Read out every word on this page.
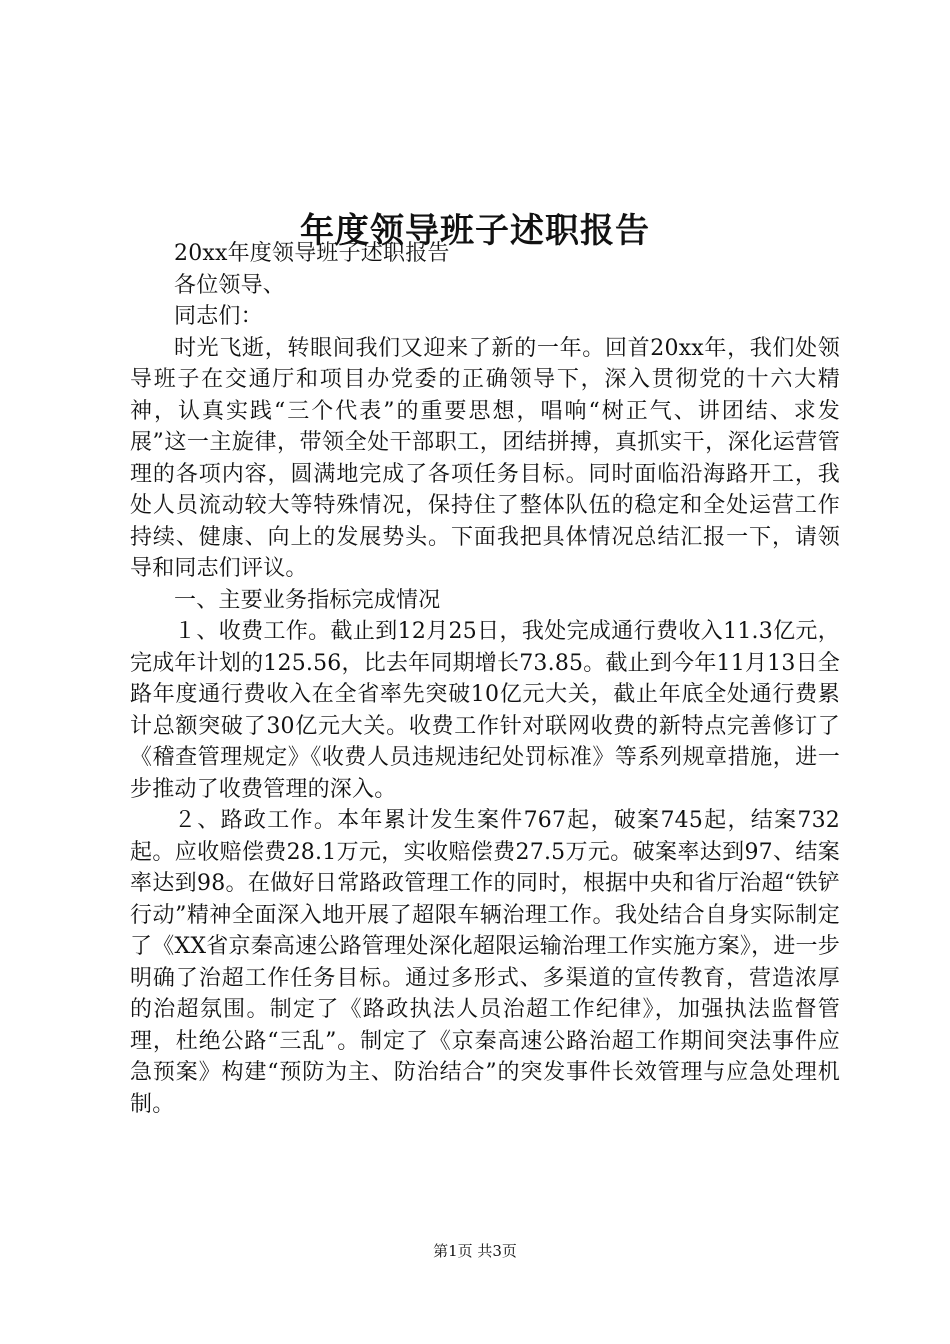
年度领导班子述职报告

20xx年度领导班子述职报告

各位领导、

同志们：

时光飞逝，转眼间我们又迎来了新的一年。回首20xx年，我们处领导班子在交通厅和项目办党委的正确领导下，深入贯彻党的十六大精神，认真实践“三个代表”的重要思想，唱响“树正气、讲团结、求发展”这一主旋律，带领全处干部职工，团结拼搏，真抓实干，深化运营管理的各项内容，圆满地完成了各项任务目标。同时面临沿海路开工，我处人员流动较大等特殊情况，保持住了整体队伍的稳定和全处运营工作持续、健康、向上的发展势头。下面我把具体情况总结汇报一下，请领导和同志们评议。

一、主要业务指标完成情况

１、收费工作。截止到12月25日，我处完成通行费收入11.3亿元，完成年计划的125.56，比去年同期增长73.85。截止到今年11月13日全路年度通行费收入在全省率先突破10亿元大关，截止年底全处通行费累计总额突破了30亿元大关。收费工作针对联网收费的新特点完善修订了《稽查管理规定》《收费人员违规违纪处罚标准》等系列规章措施，进一步推动了收费管理的深入。

２、路政工作。本年累计发生案件767起，破案745起，结案732起。应收赔偿费28.1万元，实收赔偿费27.5万元。破案率达到97、结案率达到98。在做好日常路政管理工作的同时，根据中央和省厅治超“铁铲行动”精神全面深入地开展了超限车辆治理工作。我处结合自身实际制定了《XX省京秦高速公路管理处深化超限运输治理工作实施方案》，进一步明确了治超工作任务目标。通过多形式、多渠道的宣传教育，营造浓厚的治超氛围。制定了《路政执法人员治超工作纪律》，加强执法监督管理，杜绝公路“三乱”。制定了《京秦高速公路治超工作期间突法事件应急预案》构建“预防为主、防治结合”的突发事件长效管理与应急处理机制。

第1页 共3页
